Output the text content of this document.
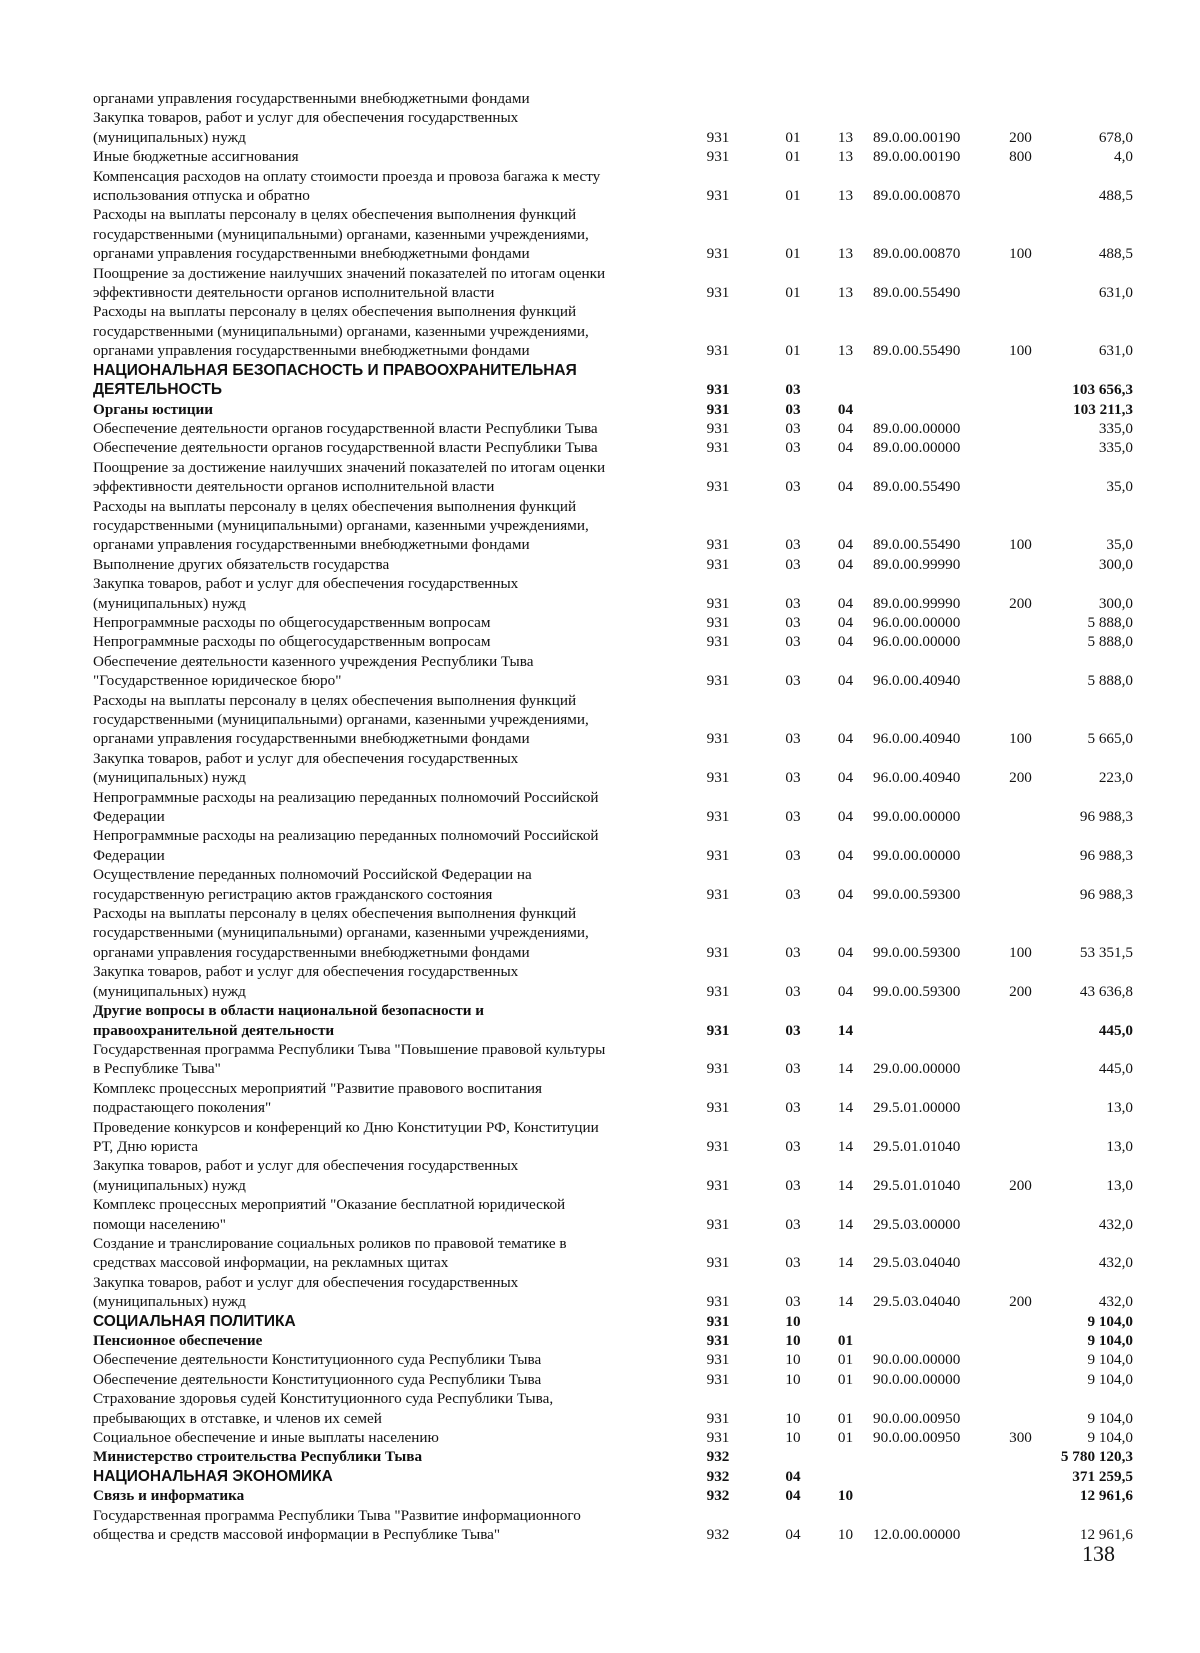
органами управления государственными внебюджетными фондами						
Закупка товаров, работ и услуг для обеспечения государственных
(муниципальных) нужд	931	01	13	89.0.00.00190	200	678,0
Иные бюджетные ассигнования	931	01	13	89.0.00.00190	800	4,0
Компенсация расходов на оплату стоимости проезда и провоза багажа к месту
использования отпуска и обратно	931	01	13	89.0.00.00870		488,5
Расходы на выплаты персоналу в целях обеспечения выполнения функций
государственными (муниципальными) органами, казенными учреждениями,
органами управления государственными внебюджетными фондами	931	01	13	89.0.00.00870	100	488,5
Поощрение за достижение наилучших значений показателей по итогам оценки
эффективности деятельности органов исполнительной власти	931	01	13	89.0.00.55490		631,0
Расходы на выплаты персоналу в целях обеспечения выполнения функций
государственными (муниципальными) органами, казенными учреждениями,
органами управления государственными внебюджетными фондами	931	01	13	89.0.00.55490	100	631,0
НАЦИОНАЛЬНАЯ БЕЗОПАСНОСТЬ И ПРАВООХРАНИТЕЛЬНАЯ
ДЕЯТЕЛЬНОСТЬ	931	03				103 656,3
Органы юстиции	931	03	04			103 211,3
Обеспечение деятельности органов государственной власти Республики Тыва	931	03	04	89.0.00.00000		335,0
Обеспечение деятельности органов государственной власти Республики Тыва	931	03	04	89.0.00.00000		335,0
Поощрение за достижение наилучших значений показателей по итогам оценки
эффективности деятельности органов исполнительной власти	931	03	04	89.0.00.55490		35,0
Расходы на выплаты персоналу в целях обеспечения выполнения функций
государственными (муниципальными) органами, казенными учреждениями,
органами управления государственными внебюджетными фондами	931	03	04	89.0.00.55490	100	35,0
Выполнение других обязательств государства	931	03	04	89.0.00.99990		300,0
Закупка товаров, работ и услуг для обеспечения государственных
(муниципальных) нужд	931	03	04	89.0.00.99990	200	300,0
Непрограммные расходы по общегосударственным вопросам	931	03	04	96.0.00.00000		5 888,0
Непрограммные расходы по общегосударственным вопросам	931	03	04	96.0.00.00000		5 888,0
Обеспечение деятельности казенного учреждения Республики Тыва
"Государственное юридическое бюро"	931	03	04	96.0.00.40940		5 888,0
Расходы на выплаты персоналу в целях обеспечения выполнения функций
государственными (муниципальными) органами, казенными учреждениями,
органами управления государственными внебюджетными фондами	931	03	04	96.0.00.40940	100	5 665,0
Закупка товаров, работ и услуг для обеспечения государственных
(муниципальных) нужд	931	03	04	96.0.00.40940	200	223,0
Непрограммные расходы на реализацию переданных полномочий Российской
Федерации	931	03	04	99.0.00.00000		96 988,3
Непрограммные расходы на реализацию переданных полномочий Российской
Федерации	931	03	04	99.0.00.00000		96 988,3
Осуществление переданных полномочий Российской Федерации на
государственную регистрацию актов гражданского состояния	931	03	04	99.0.00.59300		96 988,3
Расходы на выплаты персоналу в целях обеспечения выполнения функций
государственными (муниципальными) органами, казенными учреждениями,
органами управления государственными внебюджетными фондами	931	03	04	99.0.00.59300	100	53 351,5
Закупка товаров, работ и услуг для обеспечения государственных
(муниципальных) нужд	931	03	04	99.0.00.59300	200	43 636,8
Другие вопросы в области национальной безопасности и
правоохранительной деятельности	931	03	14			445,0
Государственная программа Республики Тыва "Повышение правовой культуры
в Республике Тыва"	931	03	14	29.0.00.00000		445,0
Комплекс процессных мероприятий "Развитие правового воспитания
подрастающего поколения"	931	03	14	29.5.01.00000		13,0
Проведение конкурсов и конференций ко Дню Конституции РФ, Конституции
РТ, Дню юриста	931	03	14	29.5.01.01040		13,0
Закупка товаров, работ и услуг для обеспечения государственных
(муниципальных) нужд	931	03	14	29.5.01.01040	200	13,0
Комплекс процессных мероприятий "Оказание бесплатной юридической
помощи населению"	931	03	14	29.5.03.00000		432,0
Создание и транслирование социальных роликов по правовой тематике в
средствах массовой информации, на рекламных щитах	931	03	14	29.5.03.04040		432,0
Закупка товаров, работ и услуг для обеспечения государственных
(муниципальных) нужд	931	03	14	29.5.03.04040	200	432,0
СОЦИАЛЬНАЯ ПОЛИТИКА	931	10				9 104,0
Пенсионное обеспечение	931	10	01			9 104,0
Обеспечение деятельности Конституционного суда Республики Тыва	931	10	01	90.0.00.00000		9 104,0
Обеспечение деятельности Конституционного суда Республики Тыва	931	10	01	90.0.00.00000		9 104,0
Страхование здоровья судей Конституционного суда Республики Тыва,
пребывающих в отставке, и членов их семей	931	10	01	90.0.00.00950		9 104,0
Социальное обеспечение и иные выплаты населению	931	10	01	90.0.00.00950	300	9 104,0
Министерство строительства Республики Тыва	932					5 780 120,3
НАЦИОНАЛЬНАЯ ЭКОНОМИКА	932	04				371 259,5
Связь и информатика	932	04	10			12 961,6
Государственная программа Республики Тыва "Развитие информационного
общества и средств массовой информации в Республике Тыва"	932	04	10	12.0.00.00000		12 961,6
138
